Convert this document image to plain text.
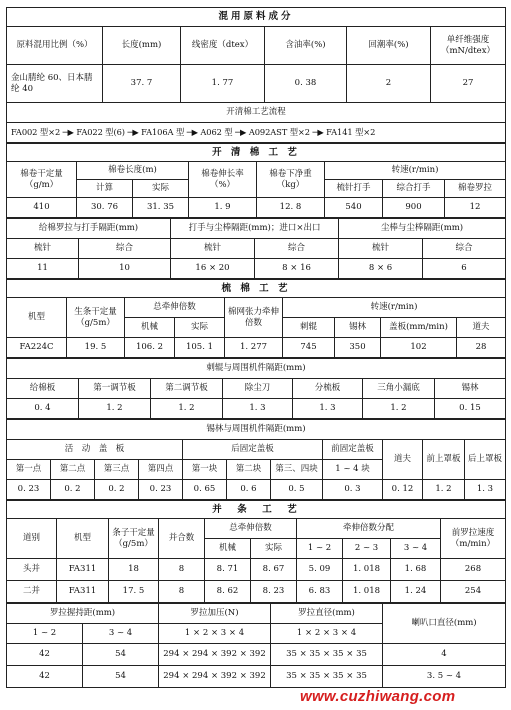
混用原料成分					
原料混用比例（%）	长度(mm)	线密度（dtex）	含油率(%)	回潮率(%)	单纤维强度（mN/dtex）
金山腈纶 60、日本腈纶 40	37. 7	1. 77	0. 38	2	27
开清棉工艺流程					
FA002 型×2 ─▶ FA022 型(6) ─▶ FA106A 型 ─▶ A062 型 ─▶ A092AST 型×2 ─▶ FA141 型×2					
开 清 棉 工 艺							
棉卷干定量（g/m）	棉卷长度(m)		棉卷伸长率（%）	棉卷下净重（kg）	转速(r/min)		
	计算	实际			梳针打手	综合打手	棉卷罗拉
410	30. 76	31. 35	1. 9	12. 8	540	900	12
给棉罗拉与打手隔距(mm)		打手与尘棒隔距(mm)；进口×出口		尘棒与尘棒隔距(mm)	
梳针	综合	梳针	综合	梳针	综合
11	10	16 × 20	8 × 16	8 × 6	6
梳 棉 工 艺								
机型	生条干定量（g/5m）	总牵伸倍数		棉网张力牵伸倍数	转速(r/min)			
		机械	实际		刺辊	锡林	盖板(mm/min)	道夫
FA224C	19. 5	106. 2	105. 1	1. 277	745	350	102	28
刺辊与周围机件隔距(mm)						
给棉板	第一调节板	第二调节板	除尘刀	分梳板	三角小漏底	锡林
0. 4	1. 2	1. 2	1. 3	1. 3	1. 2	0. 15
锡林与周围机件隔距(mm)										
活　动　盖　板				后固定盖板			前固定盖板	道夫	前上罩板	后上罩板
第一点	第二点	第三点	第四点	第一块	第二块	第三、四块	1 ~ 4 块			
0. 23	0. 2	0. 2	0. 23	0. 65	0. 6	0. 5	0. 3	0. 12	1. 2	1. 3
并　条　工　艺									
道别	机型	条子干定量（g/5m）	并合数	总牵伸倍数		牵伸倍数分配			前罗拉速度（m/min）
				机械	实际	1 ~ 2	2 ~ 3	3 ~ 4	
头并	FA311	18	8	8. 71	8. 67	5. 09	1. 018	1. 68	268
二并	FA311	17. 5	8	8. 62	8. 23	6. 83	1. 018	1. 24	254
罗拉握持距(mm)		罗拉加压(N)	罗拉直径(mm)	喇叭口直径(mm)
1 ~ 2	3 ~ 4	1 × 2 × 3 × 4	1 × 2 × 3 × 4	
42	54	294 × 294 × 392 × 392	35 × 35 × 35 × 35	4
42	54	294 × 294 × 392 × 392	35 × 35 × 35 × 35	3. 5 ~ 4
www.cuzhiwang.com
